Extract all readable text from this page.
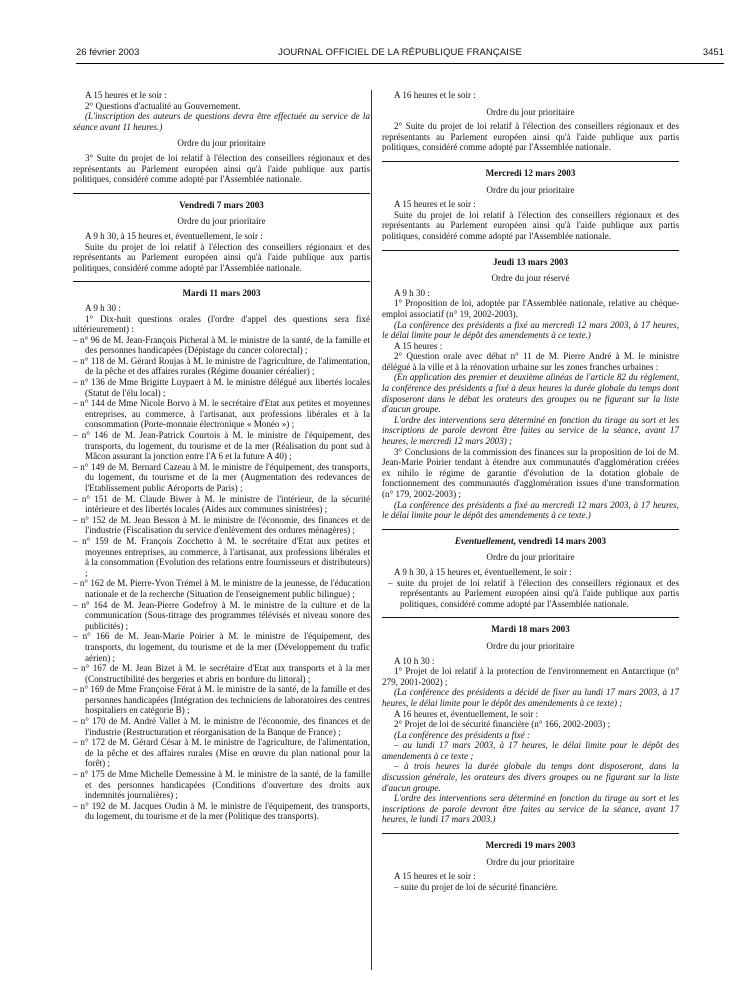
26 février 2003	JOURNAL OFFICIEL DE LA RÉPUBLIQUE FRANÇAISE	3451

A 15 heures et le soir :

2° Questions d'actualité au Gouvernement.

(L'inscription des auteurs de questions devra être effectuée au service de la séance avant 11 heures.)

Ordre du jour prioritaire

3° Suite du projet de loi relatif à l'élection des conseillers régionaux et des représentants au Parlement européen ainsi qu'à l'aide publique aux partis politiques, considéré comme adopté par l'Assemblée nationale.

Vendredi 7 mars 2003

Ordre du jour prioritaire

A 9 h 30, à 15 heures et, éventuellement, le soir :

Suite du projet de loi relatif à l'élection des conseillers régionaux et des représentants au Parlement européen ainsi qu'à l'aide publique aux partis politiques, considéré comme adopté par l'Assemblée nationale.

Mardi 11 mars 2003

A 9 h 30 :

1° Dix-huit questions orales (l'ordre d'appel des questions sera fixé ultérieurement) :

– n° 96 de M. Jean-François Picheral à M. le ministre de la santé, de la famille et des personnes handicapées (Dépistage du cancer colorectal) ;

– n° 118 de M. Gérard Roujas à M. le ministre de l'agriculture, de l'alimentation, de la pêche et des affaires rurales (Régime douanier céréalier) ;

– n° 136 de Mme Brigitte Luypaert à M. le ministre délégué aux libertés locales (Statut de l'élu local) ;

– n° 144 de Mme Nicole Borvo à M. le secrétaire d'Etat aux petites et moyennes entreprises, au commerce, à l'artisanat, aux professions libérales et à la consommation (Porte-monnaie électronique « Monéo ») ;

– n° 146 de M. Jean-Patrick Courtois à M. le ministre de l'équipement, des transports, du logement, du tourisme et de la mer (Réalisation du pont sud à Mâcon assurant la jonction entre l'A 6 et la future A 40) ;

– n° 149 de M. Bernard Cazeau à M. le ministre de l'équipement, des transports, du logement, du tourisme et de la mer (Augmentation des redevances de l'Etablissement public Aéroports de Paris) ;

– n° 151 de M. Claude Biwer à M. le ministre de l'intérieur, de la sécurité intérieure et des libertés locales (Aides aux communes sinistrées) ;

– n° 152 de M. Jean Besson à M. le ministre de l'économie, des finances et de l'industrie (Fiscalisation du service d'enlèvement des ordures ménagères) ;

– n° 159 de M. François Zocchetto à M. le secrétaire d'Etat aux petites et moyennes entreprises, au commerce, à l'artisanat, aux professions libérales et à la consommation (Evolution des relations entre fournisseurs et distributeurs) ;

– n° 162 de M. Pierre-Yvon Trémel à M. le ministre de la jeunesse, de l'éducation nationale et de la recherche (Situation de l'enseignement public bilingue) ;

– n° 164 de M. Jean-Pierre Godefroy à M. le ministre de la culture et de la communication (Sous-titrage des programmes télévisés et niveau sonore des publicités) ;

– n° 166 de M. Jean-Marie Poirier à M. le ministre de l'équipement, des transports, du logement, du tourisme et de la mer (Développement du trafic aérien) ;

– n° 167 de M. Jean Bizet à M. le secrétaire d'Etat aux transports et à la mer (Constructibilité des bergeries et abris en bordure du littoral) ;

– n° 169 de Mme Françoise Férat à M. le ministre de la santé, de la famille et des personnes handicapées (Intégration des techniciens de laboratoires des centres hospitaliers en catégorie B) ;

– n° 170 de M. André Vallet à M. le ministre de l'économie, des finances et de l'industrie (Restructuration et réorganisation de la Banque de France) ;

– n° 172 de M. Gérard César à M. le ministre de l'agriculture, de l'alimentation, de la pêche et des affaires rurales (Mise en œuvre du plan national pour la forêt) ;

– n° 175 de Mme Michelle Demessine à M. le ministre de la santé, de la famille et des personnes handicapées (Conditions d'ouverture des droits aux indemnités journalières) ;

– n° 192 de M. Jacques Oudin à M. le ministre de l'équipement, des transports, du logement, du tourisme et de la mer (Politique des transports).

A 16 heures et le soir :

Ordre du jour prioritaire

2° Suite du projet de loi relatif à l'élection des conseillers régionaux et des représentants au Parlement européen ainsi qu'à l'aide publique aux partis politiques, considéré comme adopté par l'Assemblée nationale.

Mercredi 12 mars 2003

Ordre du jour prioritaire

A 15 heures et le soir :

Suite du projet de loi relatif à l'élection des conseillers régionaux et des représentants au Parlement européen ainsi qu'à l'aide publique aux partis politiques, considéré comme adopté par l'Assemblée nationale.

Jeudi 13 mars 2003

Ordre du jour réservé

A 9 h 30 :

1° Proposition de loi, adoptée par l'Assemblée nationale, relative au chèque-emploi associatif (n° 19, 2002-2003).

(La conférence des présidents a fixé au mercredi 12 mars 2003, à 17 heures, le délai limite pour le dépôt des amendements à ce texte.)

A 15 heures :

2° Question orale avec débat n° 11 de M. Pierre André à M. le ministre délégué à la ville et à la rénovation urbaine sur les zones franches urbaines :

(En application des premier et deuxième alinéas de l'article 82 du règlement, la conférence des présidents a fixé à deux heures la durée globale du temps dont disposeront dans le débat les orateurs des groupes ou ne figurant sur la liste d'aucun groupe.

L'ordre des interventions sera déterminé en fonction du tirage au sort et les inscriptions de parole devront être faites au service de la séance, avant 17 heures, le mercredi 12 mars 2003) ;

3° Conclusions de la commission des finances sur la proposition de loi de M. Jean-Marie Poirier tendant à étendre aux communautés d'agglomération créées ex nihilo le régime de garantie d'évolution de la dotation globale de fonctionnement des communautés d'agglomération issues d'une transformation (n° 179, 2002-2003) ;

(La conférence des présidents a fixé au mercredi 12 mars 2003, à 17 heures, le délai limite pour le dépôt des amendements à ce texte.)

Eventuellement, vendredi 14 mars 2003

Ordre du jour prioritaire

A 9 h 30, à 15 heures et, éventuellement, le soir :

– suite du projet de loi relatif à l'élection des conseillers régionaux et des représentants au Parlement européen ainsi qu'à l'aide publique aux partis politiques, considéré comme adopté par l'Assemblée nationale.

Mardi 18 mars 2003

Ordre du jour prioritaire

A 10 h 30 :

1° Projet de loi relatif à la protection de l'environnement en Antarctique (n° 279, 2001-2002) ;

(La conférence des présidents a décidé de fixer au lundi 17 mars 2003, à 17 heures, le délai limite pour le dépôt des amendements à ce texte) ;

A 16 heures et, éventuellement, le soir :

2° Projet de loi de sécurité financière (n° 166, 2002-2003) ;

(La conférence des présidents a fixé :

– au lundi 17 mars 2003, à 17 heures, le délai limite pour le dépôt des amendements à ce texte ;

– à trois heures la durée globale du temps dont disposeront, dans la discussion générale, les orateurs des divers groupes ou ne figurant sur la liste d'aucun groupe.

L'ordre des interventions sera déterminé en fonction du tirage au sort et les inscriptions de parole devront être faites au service de la séance, avant 17 heures, le lundi 17 mars 2003.)

Mercredi 19 mars 2003

Ordre du jour prioritaire

A 15 heures et le soir :

– suite du projet de loi de sécurité financière.
